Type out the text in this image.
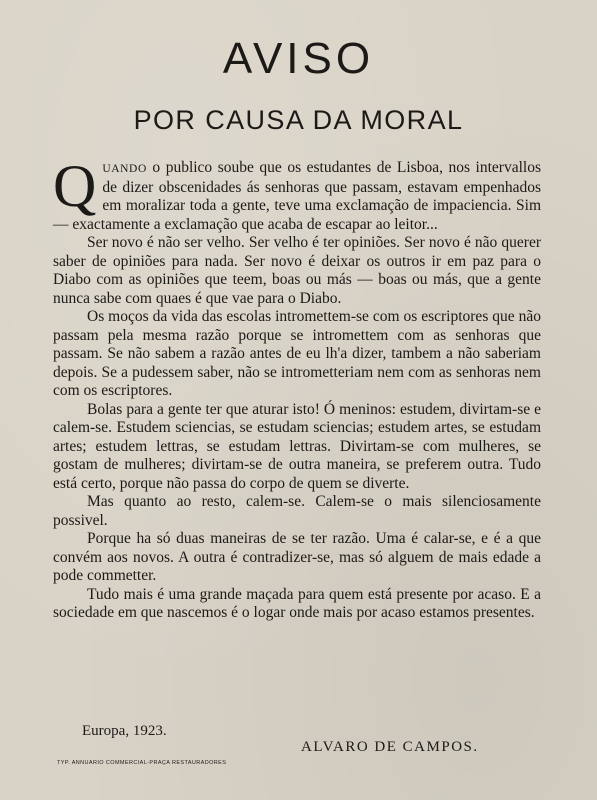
AVISO
POR CAUSA DA MORAL

QUANDO o publico soube que os estudantes de Lisboa, nos intervallos de dizer obscenidades ás senhoras que passam, estavam empenhados em moralizar toda a gente, teve uma exclamação de impaciencia. Sim — exactamente a exclamação que acaba de escapar ao leitor...

Ser novo é não ser velho. Ser velho é ter opiniões. Ser novo é não querer saber de opiniões para nada. Ser novo é deixar os outros ir em paz para o Diabo com as opiniões que teem, boas ou más — boas ou más, que a gente nunca sabe com quaes é que vae para o Diabo.

Os moços da vida das escolas intromettem-se com os escriptores que não passam pela mesma razão porque se intromettem com as senhoras que passam. Se não sabem a razão antes de eu lh'a dizer, tambem a não saberiam depois. Se a pudessem saber, não se intrometteriam nem com as senhoras nem com os escriptores.

Bolas para a gente ter que aturar isto! Ó meninos: estudem, divirtam-se e calem-se. Estudem sciencias, se estudam sciencias; estudem artes, se estudam artes; estudem lettras, se estudam lettras. Divirtam-se com mulheres, se gostam de mulheres; divirtam-se de outra maneira, se preferem outra. Tudo está certo, porque não passa do corpo de quem se diverte.

Mas quanto ao resto, calem-se. Calem-se o mais silenciosamente possivel.

Porque ha só duas maneiras de se ter razão. Uma é calar-se, e é a que convém aos novos. A outra é contradizer-se, mas só alguem de mais edade a pode commetter.

Tudo mais é uma grande maçada para quem está presente por acaso. E a sociedade em que nascemos é o logar onde mais por acaso estamos presentes.

Europa, 1923.
ALVARO DE CAMPOS.
TYP. ANNUARIO COMMERCIAL-PRAÇA RESTAURADORES
